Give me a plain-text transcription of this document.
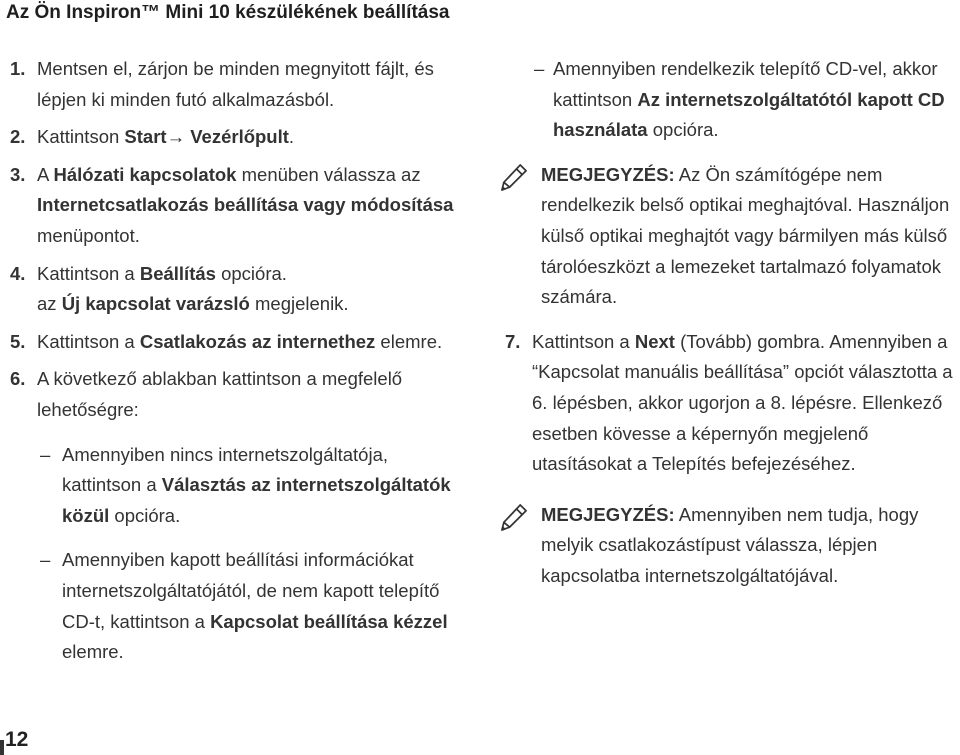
Az Ön Inspiron™ Mini 10 készülékének beállítása
1. Mentsen el, zárjon be minden megnyitott fájlt, és lépjen ki minden futó alkalmazásból.
2. Kattintson Start→ Vezérlőpult.
3. A Hálózati kapcsolatok menüben válassza az Internetcsatlakozás beállítása vagy módosítása menüpontot.
4. Kattintson a Beállítás opcióra.
az Új kapcsolat varázsló megjelenik.
5. Kattintson a Csatlakozás az internethez elemre.
6. A következő ablakban kattintson a megfelelő lehetőségre:
– Amennyiben nincs internetszolgáltatója, kattintson a Választás az internetszolgáltatók közül opcióra.
– Amennyiben kapott beállítási információkat internetszolgáltatójától, de nem kapott telepítő CD-t, kattintson a Kapcsolat beállítása kézzel elemre.
– Amennyiben rendelkezik telepítő CD-vel, akkor kattintson Az internetszolgáltatótól kapott CD használata opcióra.
MEGJEGYZÉS: Az Ön számítógépe nem rendelkezik belső optikai meghajtóval. Használjon külső optikai meghajtót vagy bármilyen más külső tárolóeszközt a lemezeket tartalmazó folyamatok számára.
7. Kattintson a Next (Tovább) gombra. Amennyiben a “Kapcsolat manuális beállítása” opciót választotta a 6. lépésben, akkor ugorjon a 8. lépésre. Ellenkező esetben kövesse a képernyőn megjelenő utasításokat a Telepítés befejezéséhez.
MEGJEGYZÉS: Amennyiben nem tudja, hogy melyik csatlakozástípust válassza, lépjen kapcsolatba internetszolgáltatójával.
12
